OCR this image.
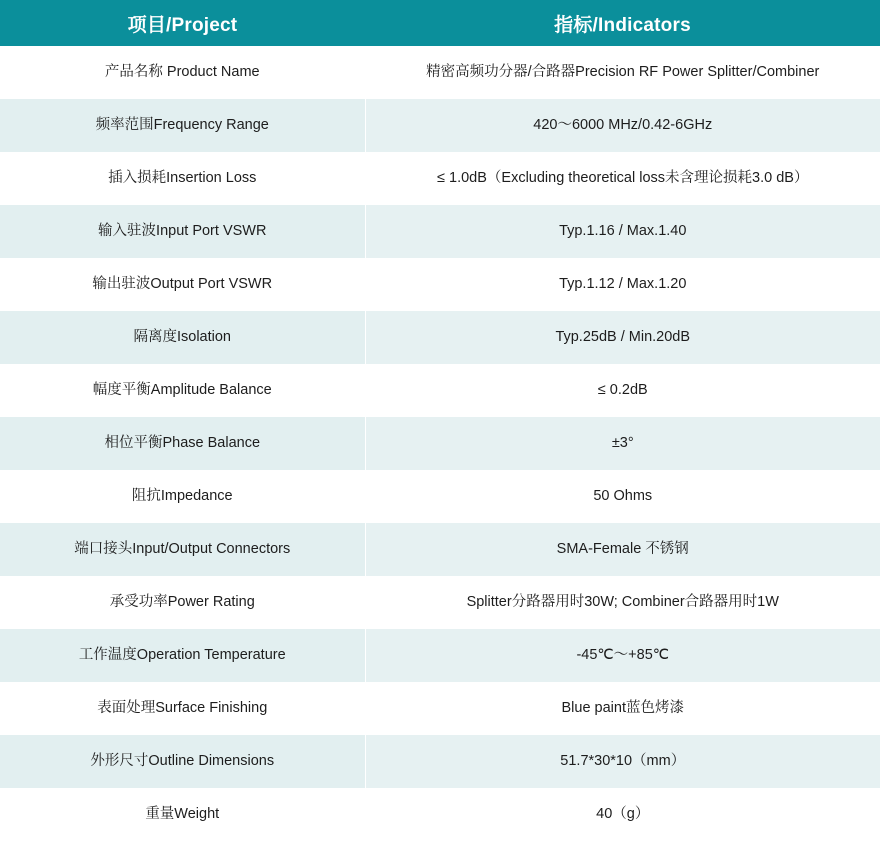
项目/Project	指标/Indicators
产品名称 Product Name	精密高频功分器/合路器Precision RF Power Splitter/Combiner
频率范围Frequency Range	420～6000 MHz/0.42-6GHz
插入损耗Insertion Loss	≤ 1.0dB（Excluding theoretical loss未含理论损耗3.0 dB）
输入驻波Input Port VSWR	Typ.1.16 / Max.1.40
输出驻波Output Port VSWR	Typ.1.12 / Max.1.20
隔离度Isolation	Typ.25dB / Min.20dB
幅度平衡Amplitude Balance	≤ 0.2dB
相位平衡Phase Balance	±3°
阻抗Impedance	50 Ohms
端口接头Input/Output Connectors	SMA-Female 不锈钢
承受功率Power Rating	Splitter分路器用时30W; Combiner合路器用时1W
工作温度Operation Temperature	-45℃～+85℃
表面处理Surface Finishing	Blue paint蓝色烤漆
外形尺寸Outline Dimensions	51.7*30*10（mm）
重量Weight	40（g）
